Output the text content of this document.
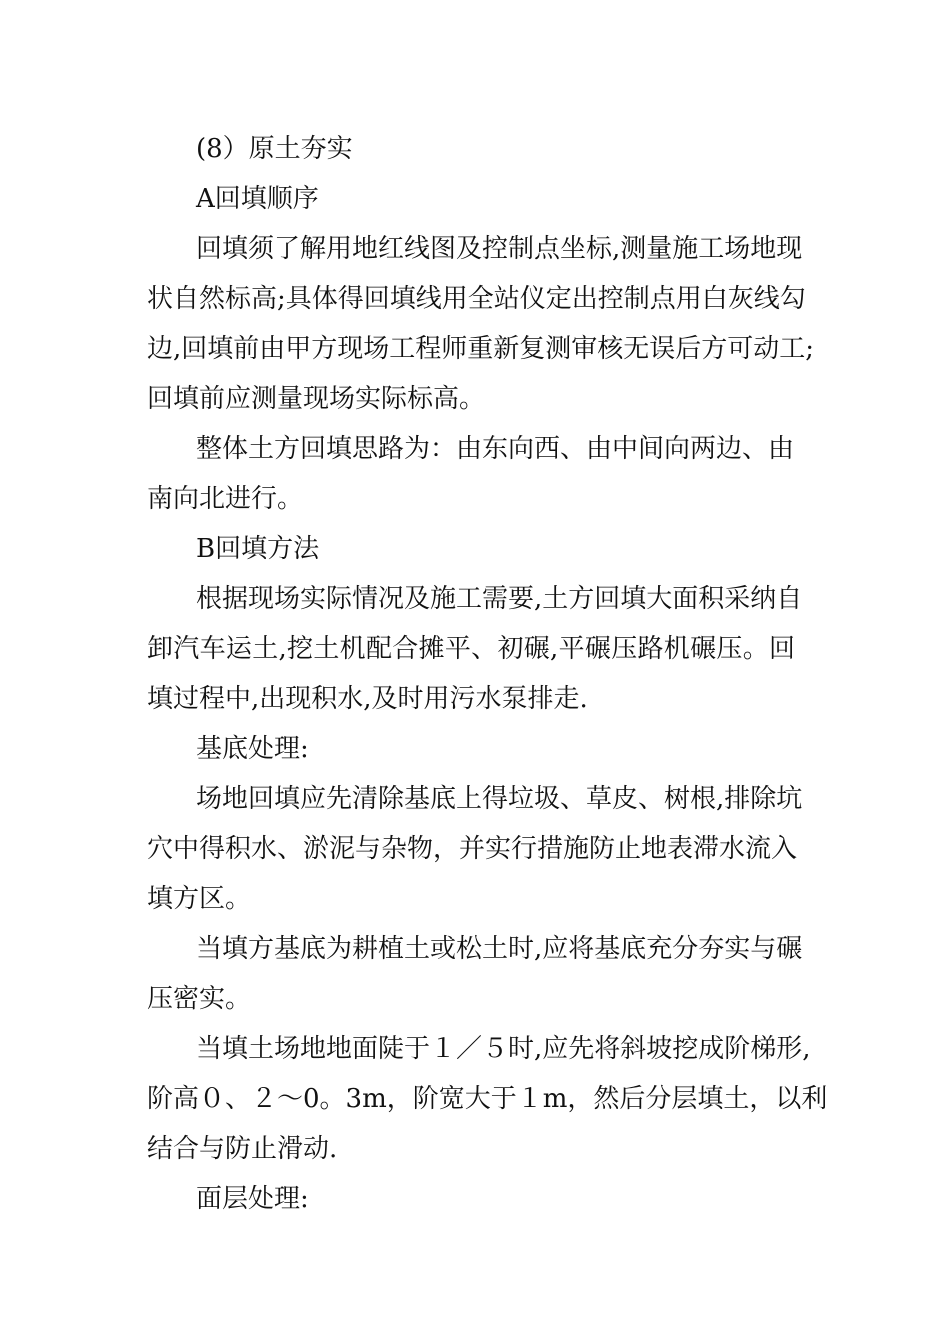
(8）原土夯实

A回填顺序

回填须了解用地红线图及控制点坐标,测量施工场地现

状自然标高;具体得回填线用全站仪定出控制点用白灰线勾

边,回填前由甲方现场工程师重新复测审核无误后方可动工;

回填前应测量现场实际标高。

整体土方回填思路为：由东向西、由中间向两边、由

南向北进行。

B回填方法

根据现场实际情况及施工需要,土方回填大面积采纳自

卸汽车运土,挖土机配合摊平、初碾,平碾压路机碾压。回

填过程中,出现积水,及时用污水泵排走.

基底处理:

场地回填应先清除基底上得垃圾、草皮、树根,排除坑

穴中得积水、淤泥与杂物，并实行措施防止地表滞水流入

填方区。

当填方基底为耕植土或松土时,应将基底充分夯实与碾

压密实。

当填土场地地面陡于１／５时,应先将斜坡挖成阶梯形,

阶高０、２～0。3m，阶宽大于１m，然后分层填土，以利

结合与防止滑动.

面层处理:
